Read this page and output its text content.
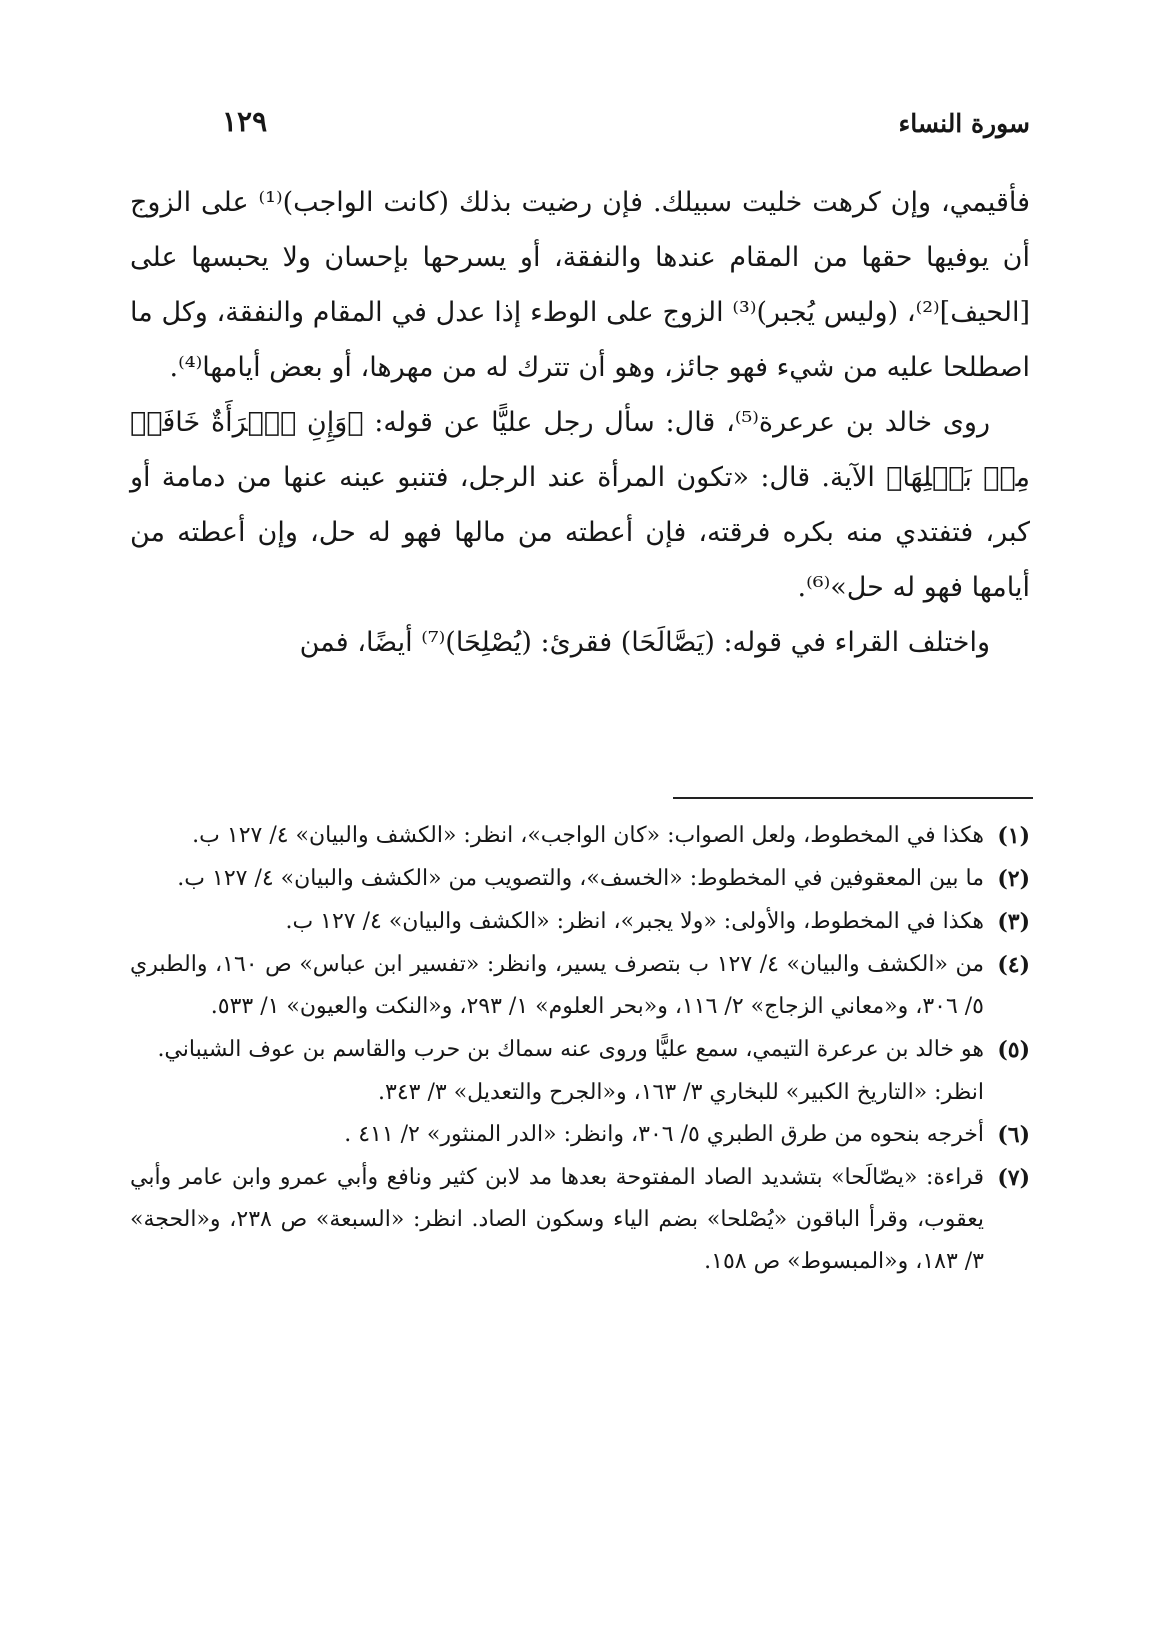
سورة النساء
١٢٩

فأقيمي، وإن كرهت خليت سبيلك. فإن رضيت بذلك (كانت الواجب)⁽¹⁾ على الزوج أن يوفيها حقها من المقام عندها والنفقة، أو يسرحها بإحسان ولا يحبسها على [الحيف]⁽²⁾، (وليس يُجبر)⁽³⁾ الزوج على الوطء إذا عدل في المقام والنفقة، وكل ما اصطلحا عليه من شيء فهو جائز، وهو أن تترك له من مهرها، أو بعض أيامها⁽⁴⁾.

روى خالد بن عرعرة⁽⁵⁾، قال: سأل رجل عليًّا عن قوله: ﴿وَإِنِ ٱمۡرَأَةٌ خَافَتۡ مِنۢ بَعۡلِهَا﴾ الآية. قال: «تكون المرأة عند الرجل، فتنبو عينه عنها من دمامة أو كبر، فتفتدي منه بكره فرقته، فإن أعطته من مالها فهو له حل، وإن أعطته من أيامها فهو له حل»⁽⁶⁾.

واختلف القراء في قوله: (يَصَّالَحَا) فقرئ: (يُصْلِحَا)⁽⁷⁾ أيضًا، فمن

(١)
هكذا في المخطوط، ولعل الصواب: «كان الواجب»، انظر: «الكشف والبيان» ٤/ ١٢٧ ب.
(٢)
ما بين المعقوفين في المخطوط: «الخسف»، والتصويب من «الكشف والبيان» ٤/ ١٢٧ ب.
(٣)
هكذا في المخطوط، والأولى: «ولا يجبر»، انظر: «الكشف والبيان» ٤/ ١٢٧ ب.
(٤)
من «الكشف والبيان» ٤/ ١٢٧ ب بتصرف يسير، وانظر: «تفسير ابن عباس» ص ١٦٠، والطبري ٥/ ٣٠٦، و«معاني الزجاج» ٢/ ١١٦، و«بحر العلوم» ١/ ٢٩٣، و«النكت والعيون» ١/ ٥٣٣.
(٥)
هو خالد بن عرعرة التيمي، سمع عليًّا وروى عنه سماك بن حرب والقاسم بن عوف الشيباني.
انظر: «التاريخ الكبير» للبخاري ٣/ ١٦٣، و«الجرح والتعديل» ٣/ ٣٤٣.
(٦)
أخرجه بنحوه من طرق الطبري ٥/ ٣٠٦، وانظر: «الدر المنثور» ٢/ ٤١١ .
(٧)
قراءة: «يصّالَحا» بتشديد الصاد المفتوحة بعدها مد لابن كثير ونافع وأبي عمرو وابن عامر وأبي يعقوب، وقرأ الباقون «يُصْلحا» بضم الياء وسكون الصاد. انظر: «السبعة» ص ٢٣٨، و«الحجة» ٣/ ١٨٣، و«المبسوط» ص ١٥٨.
